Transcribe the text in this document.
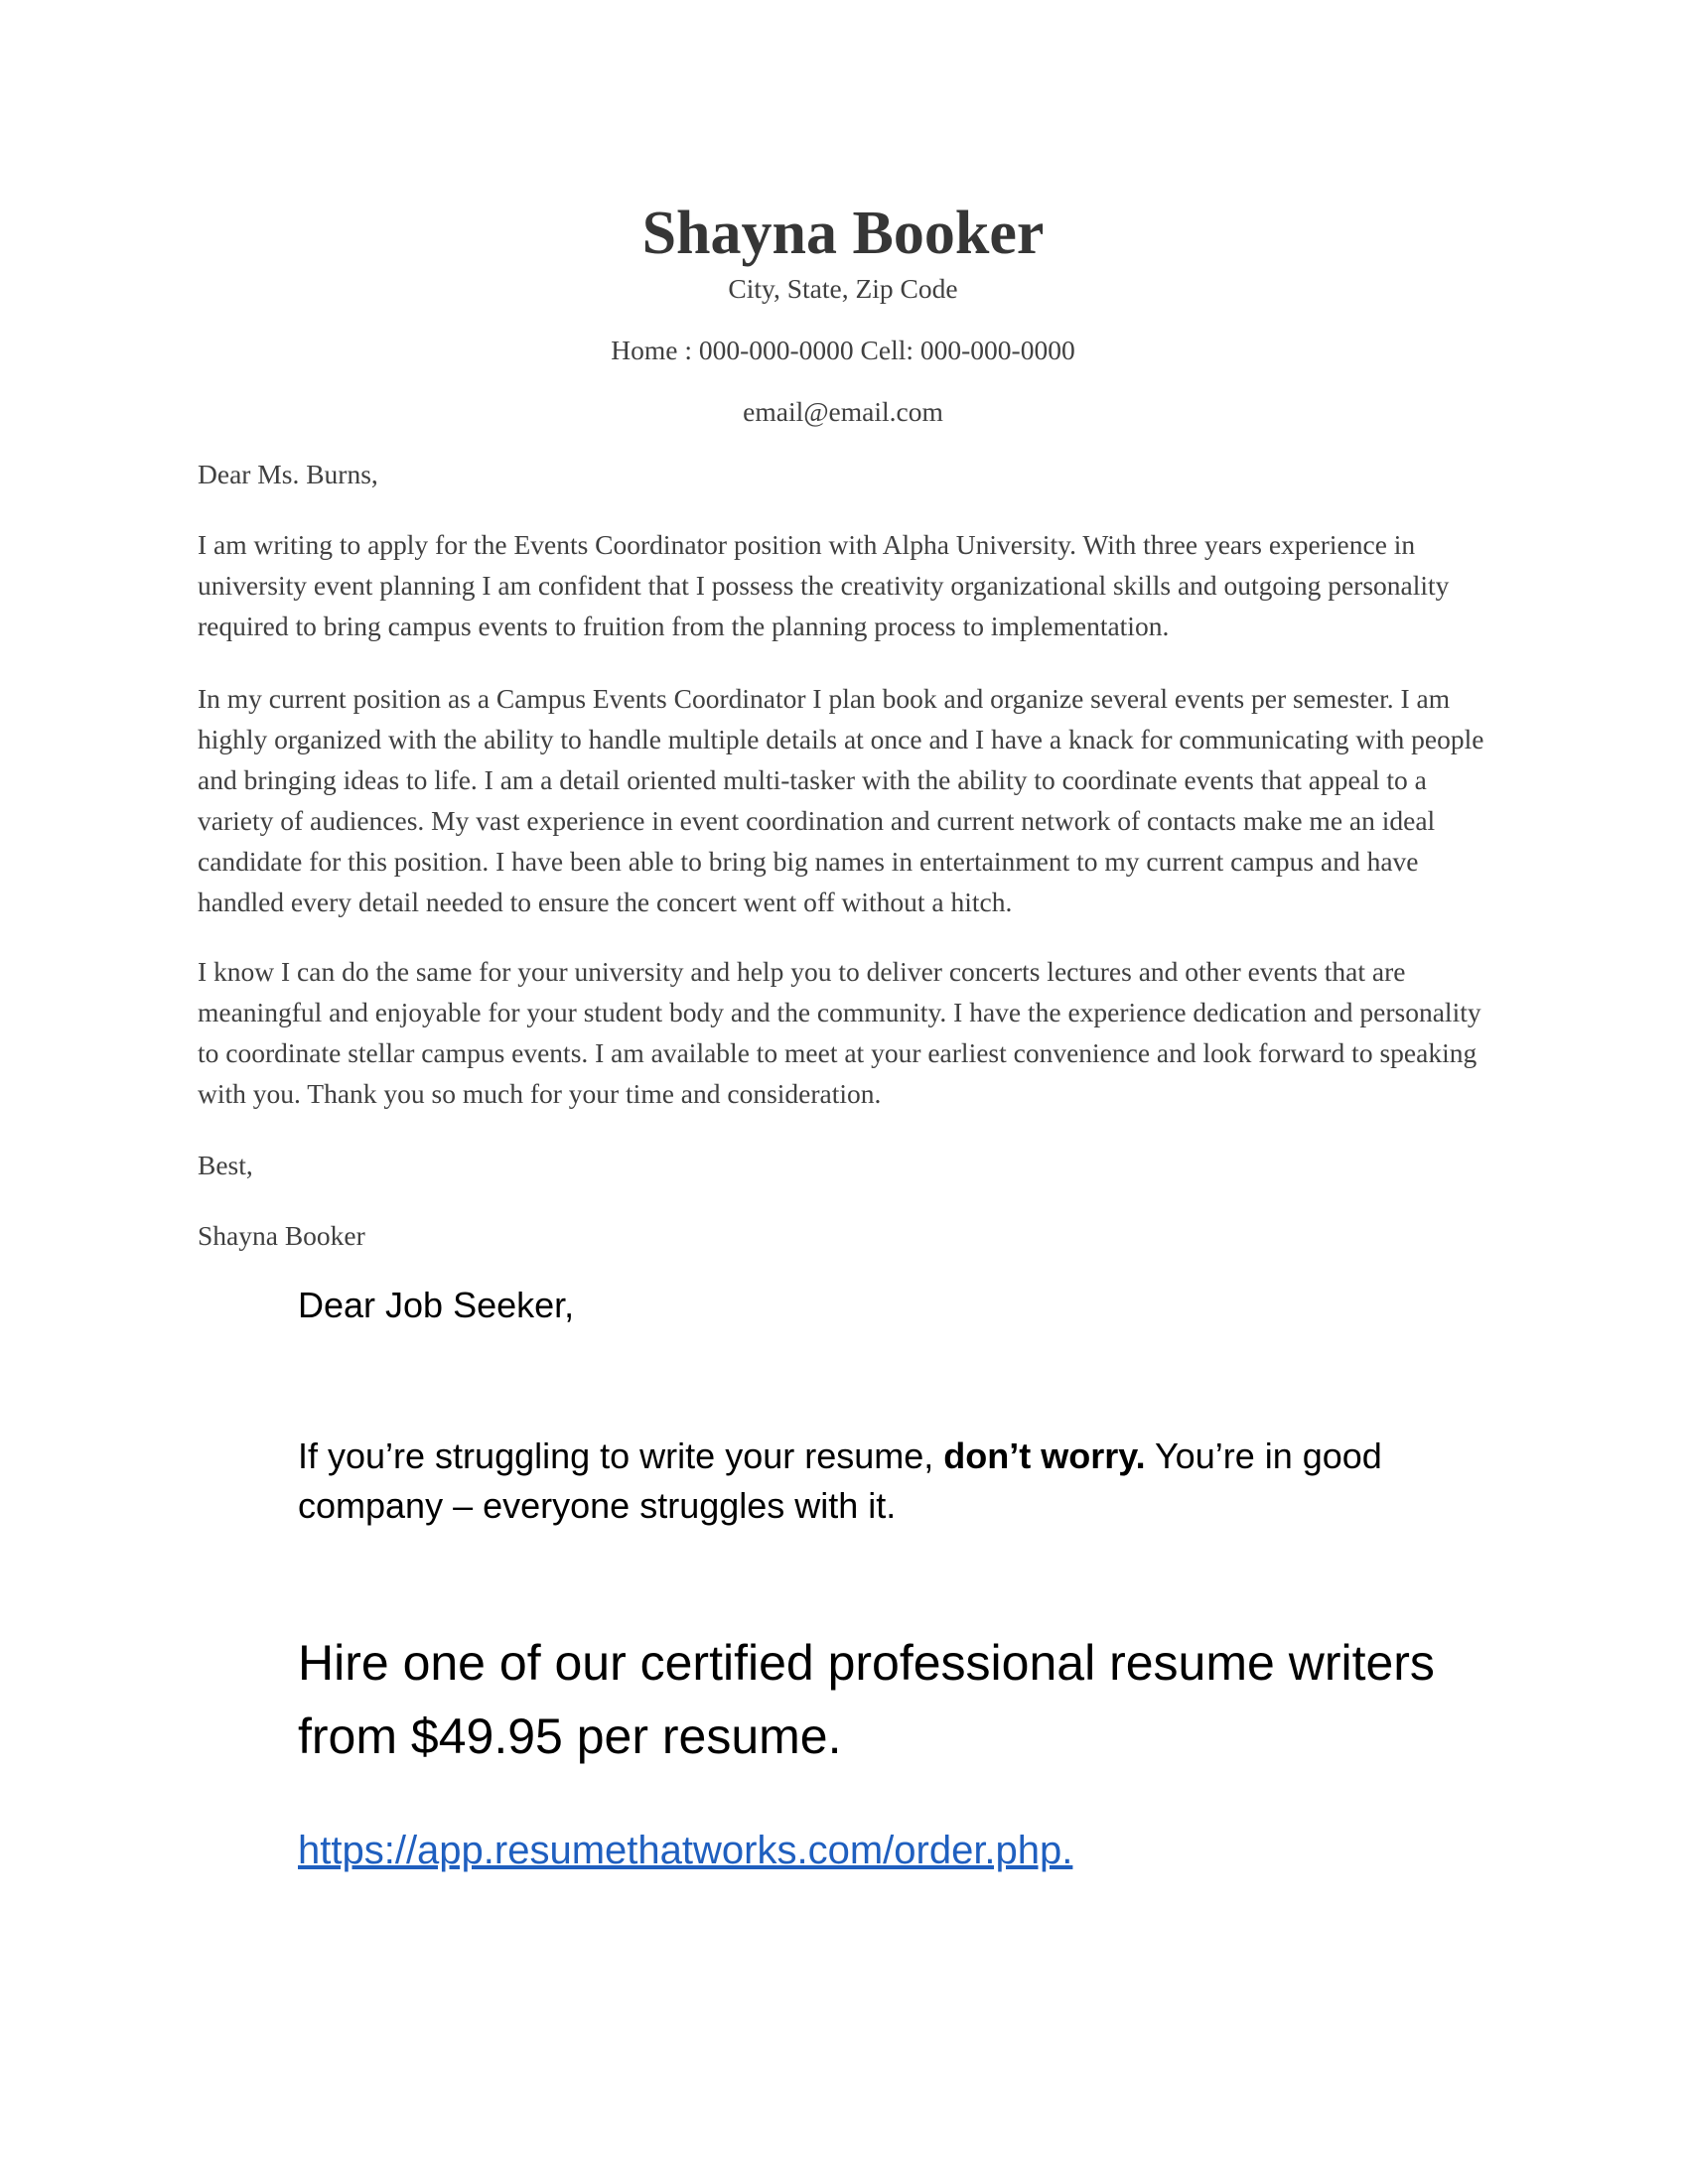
Shayna Booker
City, State, Zip Code
Home : 000-000-0000 Cell: 000-000-0000
email@email.com

Dear Ms. Burns,

I am writing to apply for the Events Coordinator position with Alpha University. With three years experience in university event planning I am confident that I possess the creativity organizational skills and outgoing personality required to bring campus events to fruition from the planning process to implementation.

In my current position as a Campus Events Coordinator I plan book and organize several events per semester. I am highly organized with the ability to handle multiple details at once and I have a knack for communicating with people and bringing ideas to life. I am a detail oriented multi-tasker with the ability to coordinate events that appeal to a variety of audiences. My vast experience in event coordination and current network of contacts make me an ideal candidate for this position. I have been able to bring big names in entertainment to my current campus and have handled every detail needed to ensure the concert went off without a hitch.

I know I can do the same for your university and help you to deliver concerts lectures and other events that are meaningful and enjoyable for your student body and the community. I have the experience dedication and personality to coordinate stellar campus events. I am available to meet at your earliest convenience and look forward to speaking with you. Thank you so much for your time and consideration.

Best,

Shayna Booker

Dear Job Seeker,
If you’re struggling to write your resume, don’t worry. You’re in good company – everyone struggles with it.
Hire one of our certified professional resume writers from $49.95 per resume.
https://app.resumethatworks.com/order.php.
